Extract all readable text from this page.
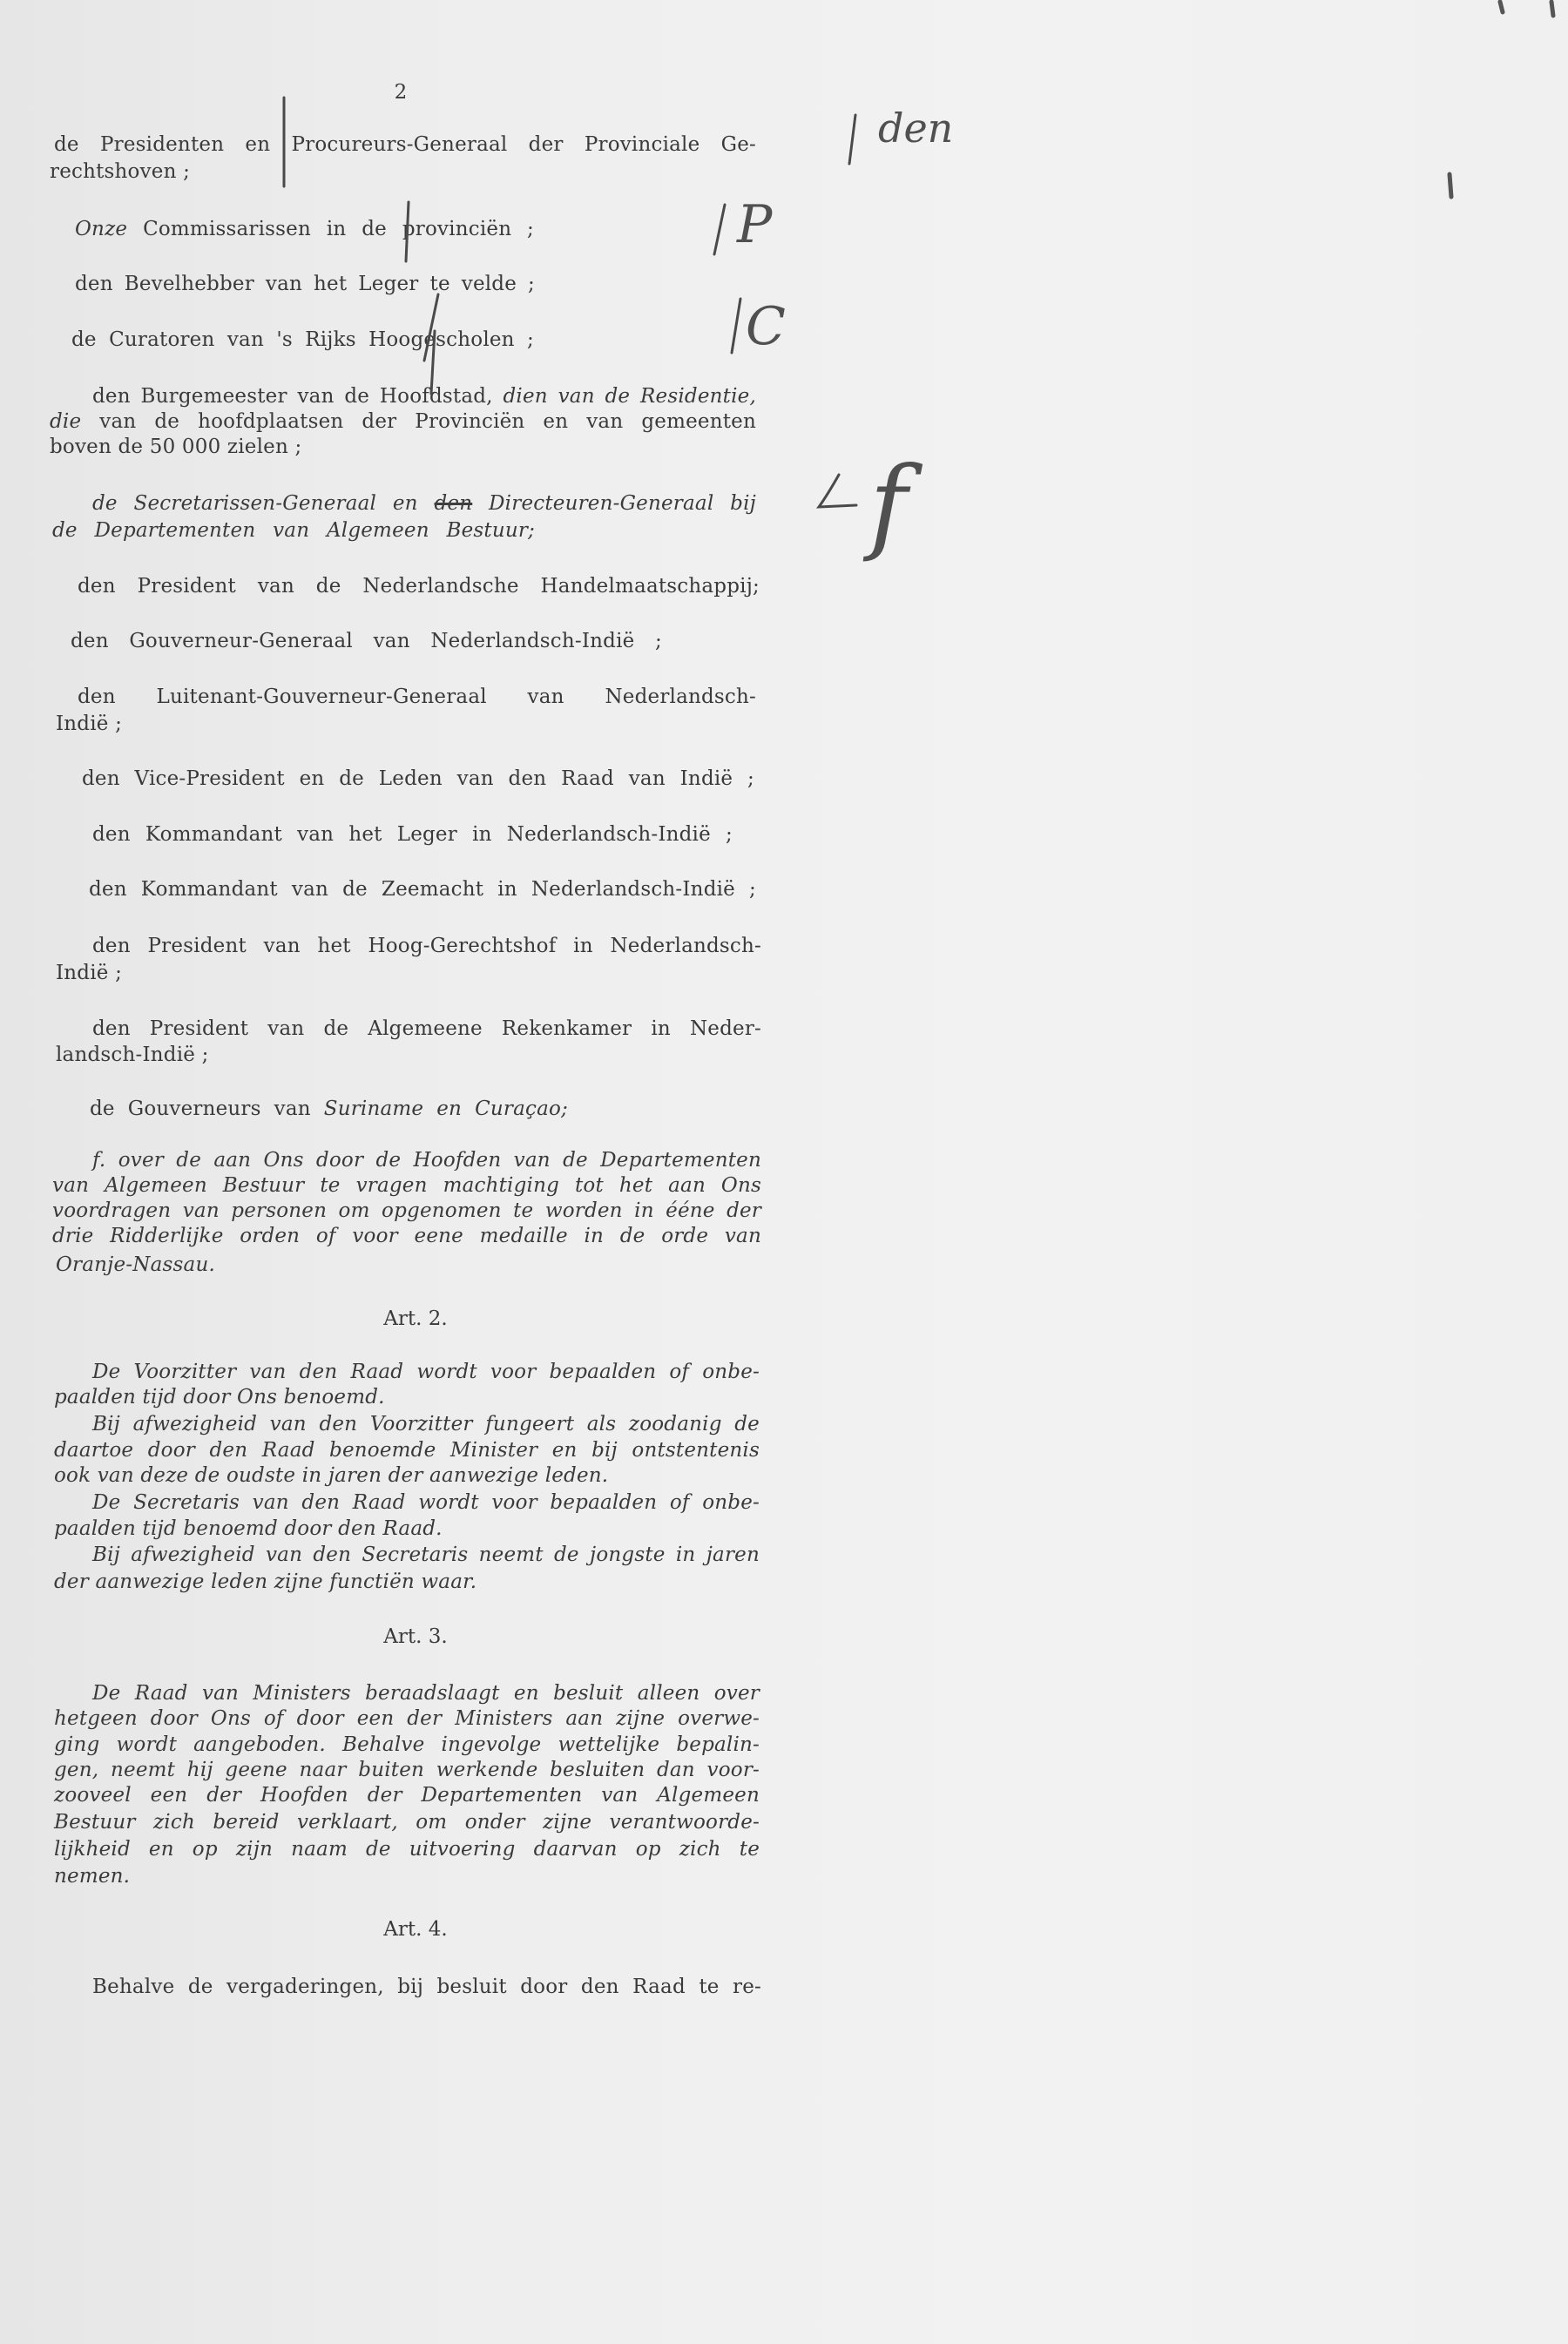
2
de Presidenten en Procureurs-Generaal der Provinciale Ge-
rechtshoven ;
Onze Commissarissen in de provinciën ;
den Bevelhebber van het Leger te velde ;
de Curatoren van 's Rijks Hoogescholen ;
den Burgemeester van de Hoofdstad, dien van de Residentie,
die van de hoofdplaatsen der Provinciën en van gemeenten
boven de 50 000 zielen ;
de Secretarissen-Generaal en den Directeuren-Generaal bij
de Departementen van Algemeen Bestuur;
den President van de Nederlandsche Handelmaatschappij;
den Gouverneur-Generaal van Nederlandsch-Indië ;
den Luitenant-Gouverneur-Generaal van Nederlandsch-
Indië ;
den Vice-President en de Leden van den Raad van Indië ;
den Kommandant van het Leger in Nederlandsch-Indië ;
den Kommandant van de Zeemacht in Nederlandsch-Indië ;
den President van het Hoog-Gerechtshof in Nederlandsch-
Indië ;
den President van de Algemeene Rekenkamer in Neder-
landsch-Indië ;
de Gouverneurs van Suriname en Curaçao;
f. over de aan Ons door de Hoofden van de Departementen
van Algemeen Bestuur te vragen machtiging tot het aan Ons
voordragen van personen om opgenomen te worden in ééne der
drie Ridderlijke orden of voor eene medaille in de orde van
Oranje-Nassau.
Art. 2.
De Voorzitter van den Raad wordt voor bepaalden of onbe-
paalden tijd door Ons benoemd.
Bij afwezigheid van den Voorzitter fungeert als zoodanig de
daartoe door den Raad benoemde Minister en bij ontstentenis
ook van deze de oudste in jaren der aanwezige leden.
De Secretaris van den Raad wordt voor bepaalden of onbe-
paalden tijd benoemd door den Raad.
Bij afwezigheid van den Secretaris neemt de jongste in jaren
der aanwezige leden zijne functiën waar.
Art. 3.
De Raad van Ministers beraadslaagt en besluit alleen over
hetgeen door Ons of door een der Ministers aan zijne overwe-
ging wordt aangeboden. Behalve ingevolge wettelijke bepalin-
gen, neemt hij geene naar buiten werkende besluiten dan voor-
zooveel een der Hoofden der Departementen van Algemeen
Bestuur zich bereid verklaart, om onder zijne verantwoorde-
lijkheid en op zijn naam de uitvoering daarvan op zich te
nemen.
Art. 4.
Behalve de vergaderingen, bij besluit door den Raad te re-
den
P
C
f
